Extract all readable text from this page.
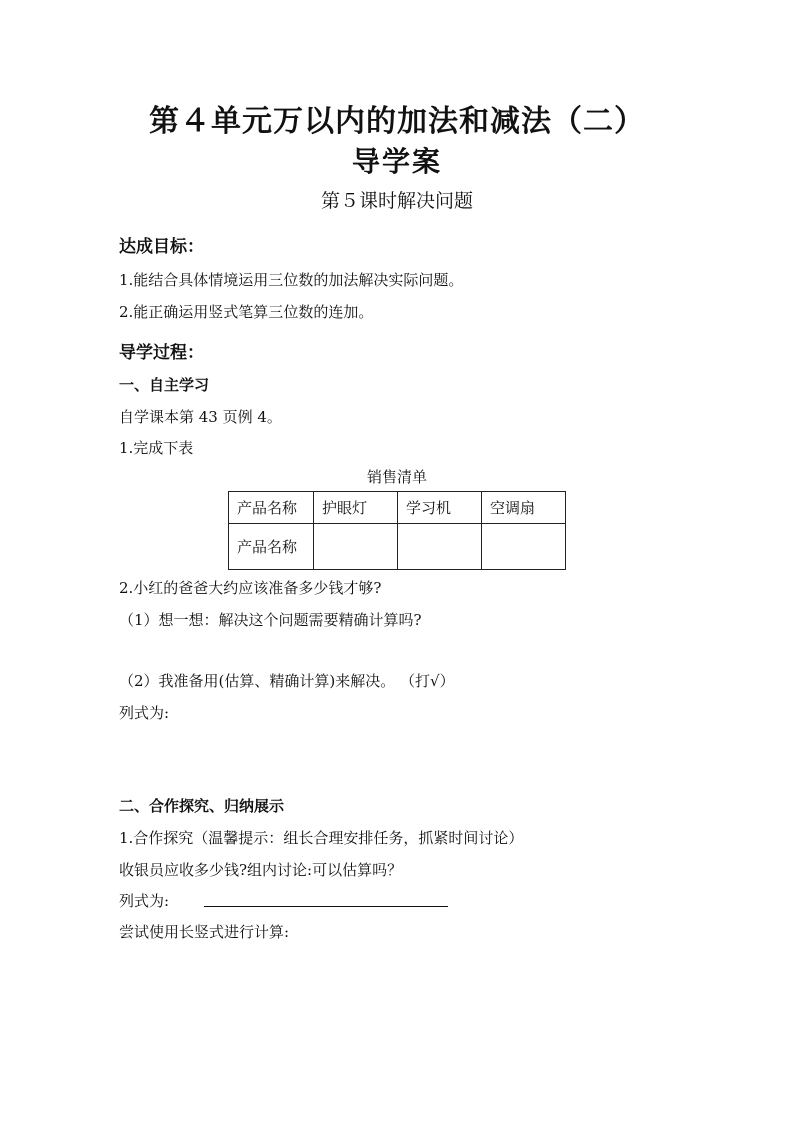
第４单元万以内的加法和减法（二）
导学案
第５课时解决问题
达成目标：
1.能结合具体情境运用三位数的加法解决实际问题。
2.能正确运用竖式笔算三位数的连加。
导学过程：
一、自主学习
自学课本第 43 页例 4。
1.完成下表
销售清单
产品名称	护眼灯	学习机	空调扇
产品名称			
2.小红的爸爸大约应该准备多少钱才够?
（1）想一想：解决这个问题需要精确计算吗?
（2）我准备用(估算、精确计算)来解决。 （打√）
列式为:
二、合作探究、归纳展示
1.合作探究（温馨提示：组长合理安排任务，抓紧时间讨论）
收银员应收多少钱?组内讨论:可以估算吗？
列式为:
尝试使用长竖式进行计算:
